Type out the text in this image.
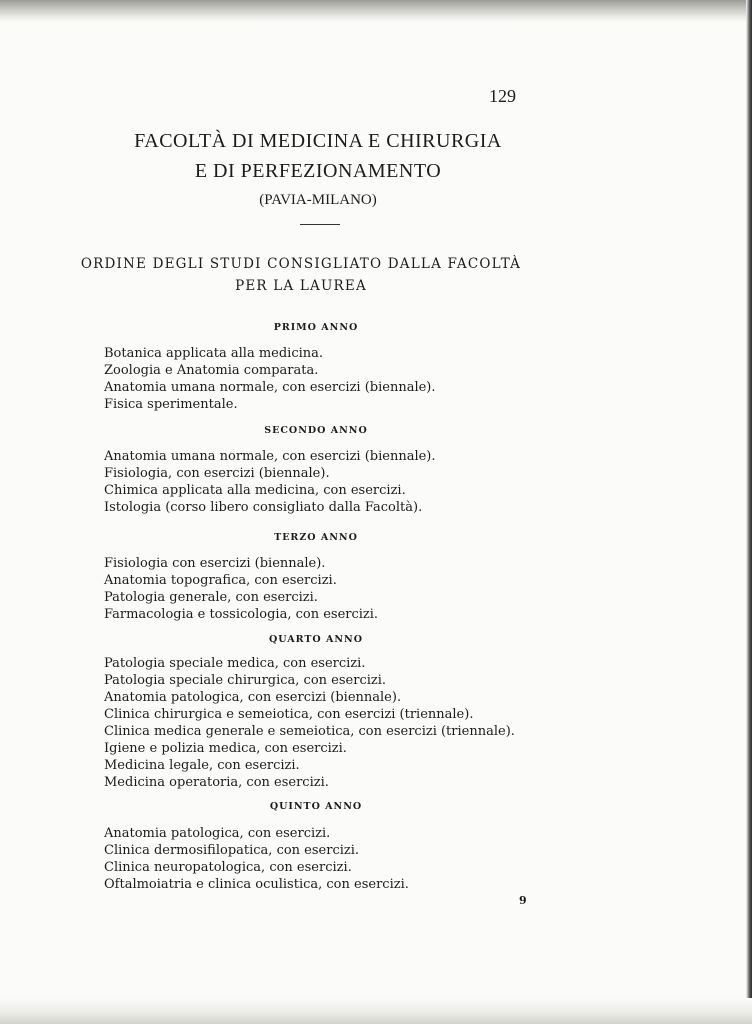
129
FACOLTÀ DI MEDICINA E CHIRURGIA
E DI PERFEZIONAMENTO
(PAVIA-MILANO)
ORDINE DEGLI STUDI CONSIGLIATO DALLA FACOLTÀ
PER LA LAUREA
PRIMO ANNO
Botanica applicata alla medicina.
Zoologia e Anatomia comparata.
Anatomia umana normale, con esercizi (biennale).
Fisica sperimentale.
SECONDO ANNO
Anatomia umana normale, con esercizi (biennale).
Fisiologia, con esercizi (biennale).
Chimica applicata alla medicina, con esercizi.
Istologia (corso libero consigliato dalla Facoltà).
TERZO ANNO
Fisiologia con esercizi (biennale).
Anatomia topografica, con esercizi.
Patologia generale, con esercizi.
Farmacologia e tossicologia, con esercizi.
QUARTO ANNO
Patologia speciale medica, con esercizi.
Patologia speciale chirurgica, con esercizi.
Anatomia patologica, con esercizi (biennale).
Clinica chirurgica e semeiotica, con esercizi (triennale).
Clinica medica generale e semeiotica, con esercizi (triennale).
Igiene e polizia medica, con esercizi.
Medicina legale, con esercizi.
Medicina operatoria, con esercizi.
QUINTO ANNO
Anatomia patologica, con esercizi.
Clinica dermosifilopatica, con esercizi.
Clinica neuropatologica, con esercizi.
Oftalmoiatria e clinica oculistica, con esercizi.
9
